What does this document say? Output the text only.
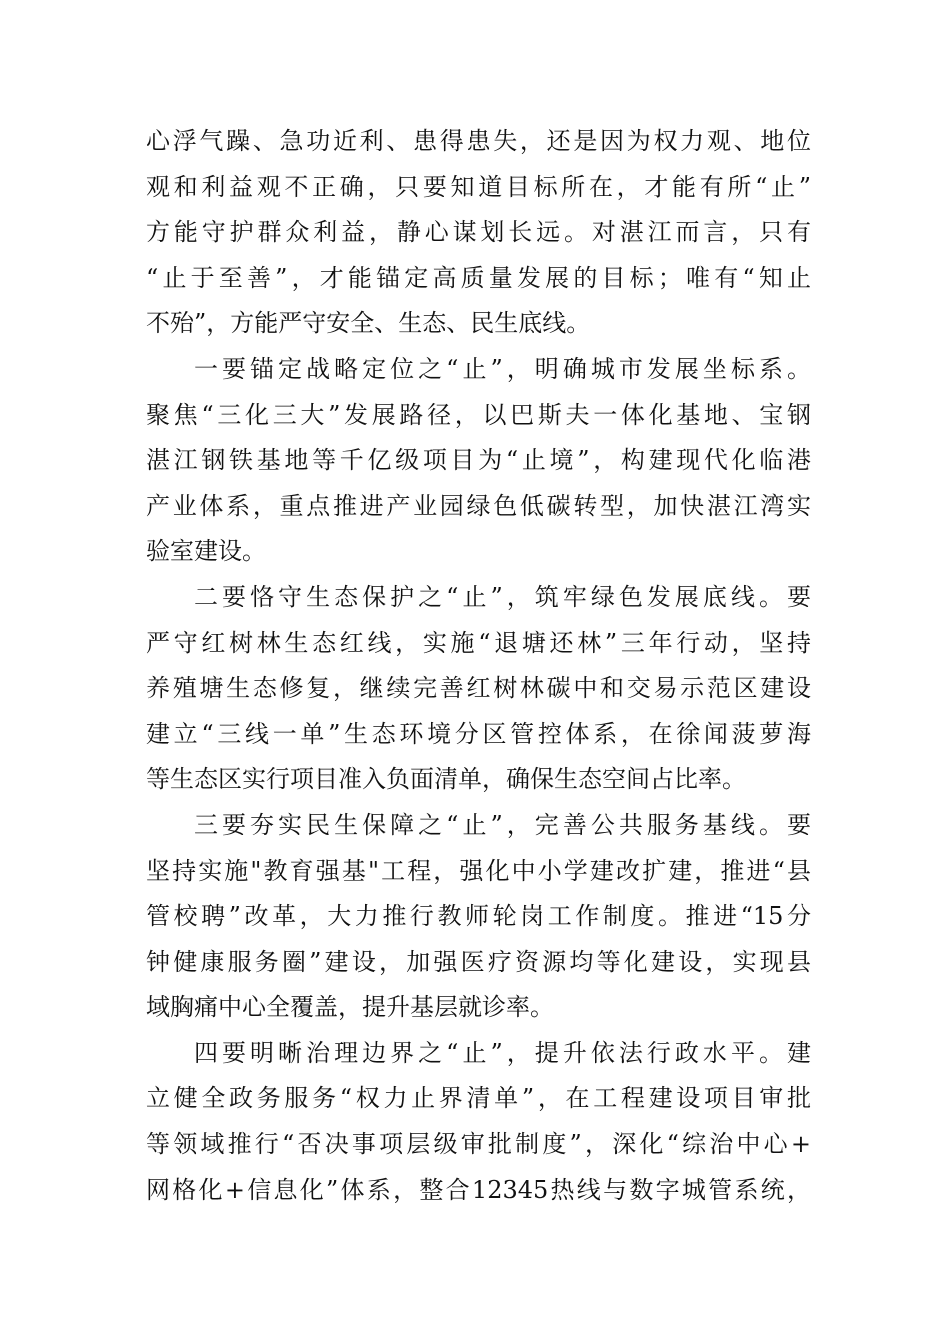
心浮气躁、急功近利、患得患失，还是因为权力观、地位
观和利益观不正确，只要知道目标所在，才能有所“止”
方能守护群众利益，静心谋划长远。对湛江而言，只有
“止于至善”，才能锚定高质量发展的目标；唯有“知止
不殆”，方能严守安全、生态、民生底线。
一要锚定战略定位之“止”，明确城市发展坐标系。
聚焦“三化三大”发展路径，以巴斯夫一体化基地、宝钢
湛江钢铁基地等千亿级项目为“止境”，构建现代化临港
产业体系，重点推进产业园绿色低碳转型，加快湛江湾实
验室建设。
二要恪守生态保护之“止”，筑牢绿色发展底线。要
严守红树林生态红线，实施“退塘还林”三年行动，坚持
养殖塘生态修复，继续完善红树林碳中和交易示范区建设
建立“三线一单”生态环境分区管控体系，在徐闻菠萝海
等生态区实行项目准入负面清单，确保生态空间占比率。
三要夯实民生保障之“止”，完善公共服务基线。要
坚持实施"教育强基"工程，强化中小学建改扩建，推进“县
管校聘”改革，大力推行教师轮岗工作制度。推进“15分
钟健康服务圈”建设，加强医疗资源均等化建设，实现县
域胸痛中心全覆盖，提升基层就诊率。
四要明晰治理边界之“止”，提升依法行政水平。建
立健全政务服务“权力止界清单”，在工程建设项目审批
等领域推行“否决事项层级审批制度”，深化“综治中心+
网格化+信息化”体系，整合12345热线与数字城管系统，
